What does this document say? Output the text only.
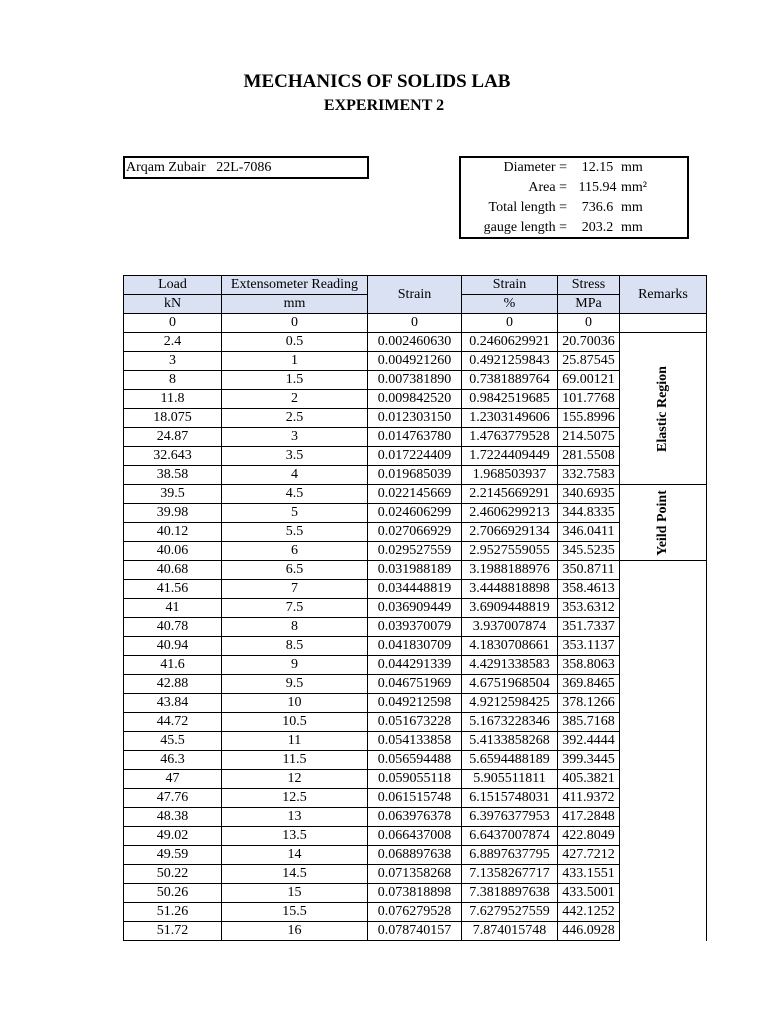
MECHANICS OF SOLIDS LAB
EXPERIMENT 2
Arqam Zubair 22L-7086	Diameter =	12.15 mm
Area = 115.94 mm²
Total length =	736.6 mm
gauge length =	203.2 mm
Load	Extensometer Reading	Strain	Strain	Stress	Remarks
kN	mm		%	MPa	
0	0	0	0	0	
2.4	0.5	0.002460630	0.2460629921	20.70036	Elastic Region
3	1	0.004921260	0.4921259843	25.87545	
8	1.5	0.007381890	0.7381889764	69.00121	
11.8	2	0.009842520	0.9842519685	101.7768	
18.075	2.5	0.012303150	1.2303149606	155.8996	
24.87	3	0.014763780	1.4763779528	214.5075	
32.643	3.5	0.017224409	1.7224409449	281.5508	
38.58	4	0.019685039	1.968503937	332.7583	
39.5	4.5	0.022145669	2.2145669291	340.6935	Yeild Point
39.98	5	0.024606299	2.4606299213	344.8335	
40.12	5.5	0.027066929	2.7066929134	346.0411	
40.06	6	0.029527559	2.9527559055	345.5235	
40.68	6.5	0.031988189	3.1988188976	350.8711	
41.56	7	0.034448819	3.4448818898	358.4613	
41	7.5	0.036909449	3.6909448819	353.6312	
40.78	8	0.039370079	3.937007874	351.7337	
40.94	8.5	0.041830709	4.1830708661	353.1137	
41.6	9	0.044291339	4.4291338583	358.8063	
42.88	9.5	0.046751969	4.6751968504	369.8465	
43.84	10	0.049212598	4.9212598425	378.1266	
44.72	10.5	0.051673228	5.1673228346	385.7168	
45.5	11	0.054133858	5.4133858268	392.4444	
46.3	11.5	0.056594488	5.6594488189	399.3445	
47	12	0.059055118	5.905511811	405.3821	
47.76	12.5	0.061515748	6.1515748031	411.9372	
48.38	13	0.063976378	6.3976377953	417.2848	
49.02	13.5	0.066437008	6.6437007874	422.8049	
49.59	14	0.068897638	6.8897637795	427.7212	
50.22	14.5	0.071358268	7.1358267717	433.1551	
50.26	15	0.073818898	7.3818897638	433.5001	
51.26	15.5	0.076279528	7.6279527559	442.1252	
51.72	16	0.078740157	7.874015748	446.0928	
